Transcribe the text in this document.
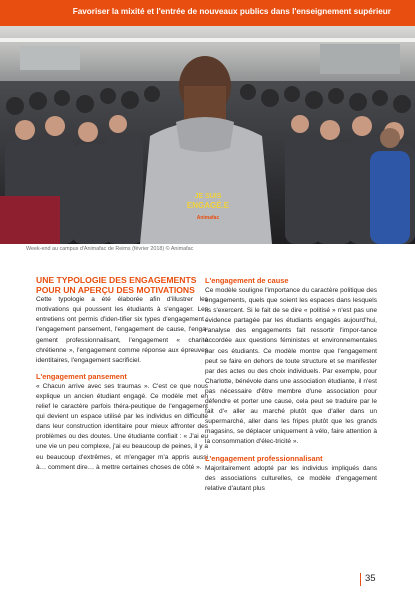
Favoriser la mixité et l'entrée de nouveaux publics dans l'enseignement supérieur
JE SUIS
ENGAGÉ.E
Animafac
Week-end au campus d'Animafac de Reims (février 2018) © Animafac
UNE TYPOLOGIE DES ENGAGEMENTS POUR UN APERÇU DES MOTIVATIONS

Cette typologie a été élaborée afin d'illustrer les motivations qui poussent les étudiants à s'engager. Les entretiens ont permis d'iden-tifier six types d'engagement : l'engagement pansement, l'engagement de cause, l'enga-gement professionnalisant, l'engagement « charité chrétienne », l'engagement comme réponse aux épreuves identitaires, l'engagement sacrificiel.

L'engagement pansement

« Chacun arrive avec ses traumas ». C'est ce que nous explique un ancien étudiant engagé. Ce modèle met en relief le caractère parfois théra-peutique de l'engagement qui devient un espace utilisé par les individus en difficulté dans leur construction identitaire pour mieux affronter des problèmes ou des doutes. Une étudiante confiait : « J'ai eu une vie un peu complexe, j'ai eu beaucoup de peines, il y a eu beaucoup d'extrêmes, et m'engager m'a appris aussi à… comment dire… à mettre certaines choses de côté ».

L'engagement de cause

Ce modèle souligne l'importance du caractère politique des engagements, quels que soient les espaces dans lesquels ils s'exercent. Si le fait de se dire « politisé » n'est pas une évidence partagée par les étudiants engagés aujourd'hui, l'analyse des engagements fait ressortir l'impor-tance accordée aux questions féministes et environnementales par ces étudiants. Ce modèle montre que l'engagement peut se faire en dehors de toute structure et se manifester par des actes ou des choix individuels. Par exemple, pour Charlotte, bénévole dans une association étudiante, il n'est pas nécessaire d'être membre d'une association pour défendre et porter une cause, cela peut se traduire par le fait d'« aller au marché plutôt que d'aller dans un supermarché, aller dans les fripes plutôt que les grands magasins, se déplacer uniquement à vélo, faire attention à la consommation d'élec-tricité ».

L'engagement professionnalisant

Majoritairement adopté par les individus impliqués dans des associations culturelles, ce modèle d'engagement relative d'autant plus

35
